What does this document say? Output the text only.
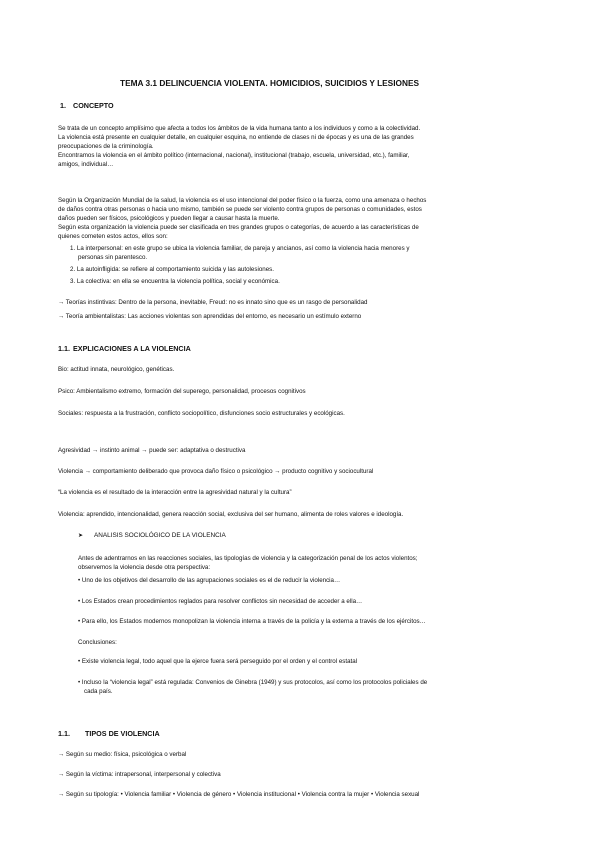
TEMA 3.1 DELINCUENCIA VIOLENTA. HOMICIDIOS, SUICIDIOS Y LESIONES
1. CONCEPTO
Se trata de un concepto amplísimo que afecta a todos los ámbitos de la vida humana tanto a los individuos y como a la colectividad.
La violencia está presente en cualquier detalle, en cualquier esquina, no entiende de clases ni de épocas y es una de las grandes
preocupaciones de la criminología.
Encontramos la violencia en el ámbito político (internacional, nacional), institucional (trabajo, escuela, universidad, etc.), familiar,
amigos, individual…
Según la Organización Mundial de la salud, la violencia es el uso intencional del poder físico o la fuerza, como una amenaza o hechos
de daños contra otras personas o hacia uno mismo, también se puede ser violento contra grupos de personas o comunidades, estos
daños pueden ser físicos, psicológicos y pueden llegar a causar hasta la muerte.
Según esta organización la violencia puede ser clasificada en tres grandes grupos o categorías, de acuerdo a las características de
quienes cometen estos actos, ellos son:
1. La interpersonal: en este grupo se ubica la violencia familiar, de pareja y ancianos, así como la violencia hacia menores y
personas sin parentesco.
2. La autoinfligida: se refiere al comportamiento suicida y las autolesiones.
3. La colectiva: en ella se encuentra la violencia política, social y económica.
→ Teorías instintivas: Dentro de la persona, inevitable, Freud: no es innato sino que es un rasgo de personalidad
→ Teoría ambientalistas: Las acciones violentas son aprendidas del entorno, es necesario un estímulo externo
1.1. EXPLICACIONES A LA VIOLENCIA
Bio: actitud innata, neurológico, genéticas.
Psico: Ambientalismo extremo, formación del superego, personalidad, procesos cognitivos
Sociales: respuesta a la frustración, conflicto sociopolítico, disfunciones socio estructurales y ecológicas.
Agresividad → instinto animal → puede ser: adaptativa o destructiva
Violencia → comportamiento deliberado que provoca daño físico o psicológico → producto cognitivo y sociocultural
“La violencia es el resultado de la interacción entre la agresividad natural y la cultura”
Violencia: aprendido, intencionalidad, genera reacción social, exclusiva del ser humano, alimenta de roles valores e ideología.
➤ ANALISIS SOCIOLÓGICO DE LA VIOLENCIA
Antes de adentrarnos en las reacciones sociales, las tipologías de violencia y la categorización penal de los actos violentos;
observemos la violencia desde otra perspectiva:
• Uno de los objetivos del desarrollo de las agrupaciones sociales es el de reducir la violencia…
• Los Estados crean procedimientos reglados para resolver conflictos sin necesidad de acceder a ella…
• Para ello, los Estados modernos monopolizan la violencia interna a través de la policía y la externa a través de los ejércitos…
Conclusiones:
• Existe violencia legal, todo aquel que la ejerce fuera será perseguido por el orden y el control estatal
• Incluso la “violencia legal” está regulada: Convenios de Ginebra (1949) y sus protocolos, así como los protocolos policiales de
cada país.
1.1. TIPOS DE VIOLENCIA
→ Según su medio: física, psicológica o verbal
→ Según la víctima: intrapersonal, interpersonal y colectiva
→ Según su tipología: • Violencia familiar • Violencia de género • Violencia institucional • Violencia contra la mujer • Violencia sexual
